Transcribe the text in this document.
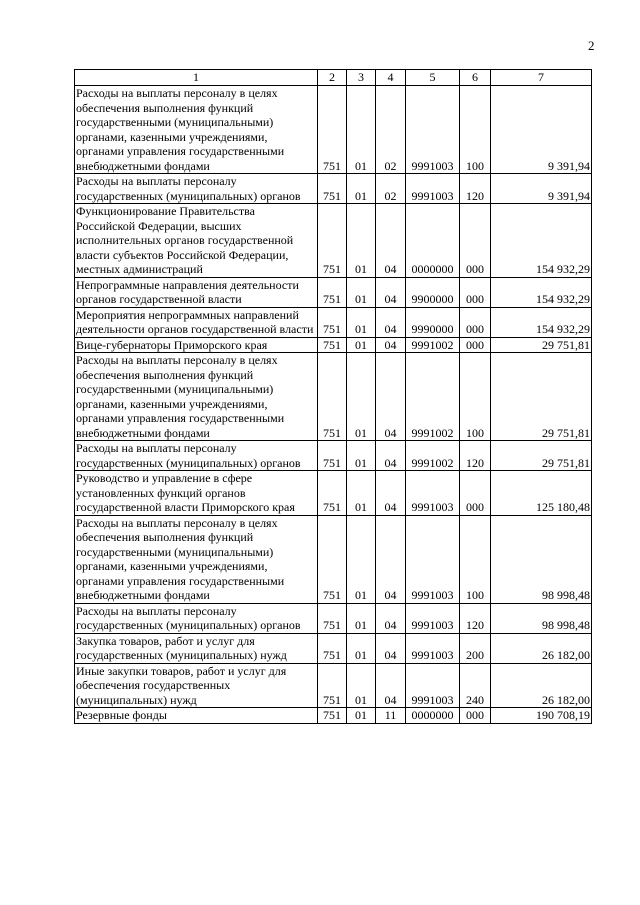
2
1	2	3	4	5	6	7
Расходы на выплаты персоналу в целях обеспечения выполнения функций государственными (муниципальными) органами, казенными учреждениями, органами управления государственными внебюджетными фондами	751	01	02	9991003	100	9 391,94
Расходы на выплаты персоналу государственных (муниципальных) органов	751	01	02	9991003	120	9 391,94
Функционирование Правительства Российской Федерации, высших исполнительных органов государственной власти субъектов Российской Федерации, местных администраций	751	01	04	0000000	000	154 932,29
Непрограммные направления деятельности органов государственной власти	751	01	04	9900000	000	154 932,29
Мероприятия непрограммных направлений деятельности органов государственной власти	751	01	04	9990000	000	154 932,29
Вице-губернаторы Приморского края	751	01	04	9991002	000	29 751,81
Расходы на выплаты персоналу в целях обеспечения выполнения функций государственными (муниципальными) органами, казенными учреждениями, органами управления государственными внебюджетными фондами	751	01	04	9991002	100	29 751,81
Расходы на выплаты персоналу государственных (муниципальных) органов	751	01	04	9991002	120	29 751,81
Руководство и управление в сфере установленных функций органов государственной власти Приморского края	751	01	04	9991003	000	125 180,48
Расходы на выплаты персоналу в целях обеспечения выполнения функций государственными (муниципальными) органами, казенными учреждениями, органами управления государственными внебюджетными фондами	751	01	04	9991003	100	98 998,48
Расходы на выплаты персоналу государственных (муниципальных) органов	751	01	04	9991003	120	98 998,48
Закупка товаров, работ и услуг для государственных (муниципальных) нужд	751	01	04	9991003	200	26 182,00
Иные закупки товаров, работ и услуг для обеспечения государственных (муниципальных) нужд	751	01	04	9991003	240	26 182,00
Резервные фонды	751	01	11	0000000	000	190 708,19
